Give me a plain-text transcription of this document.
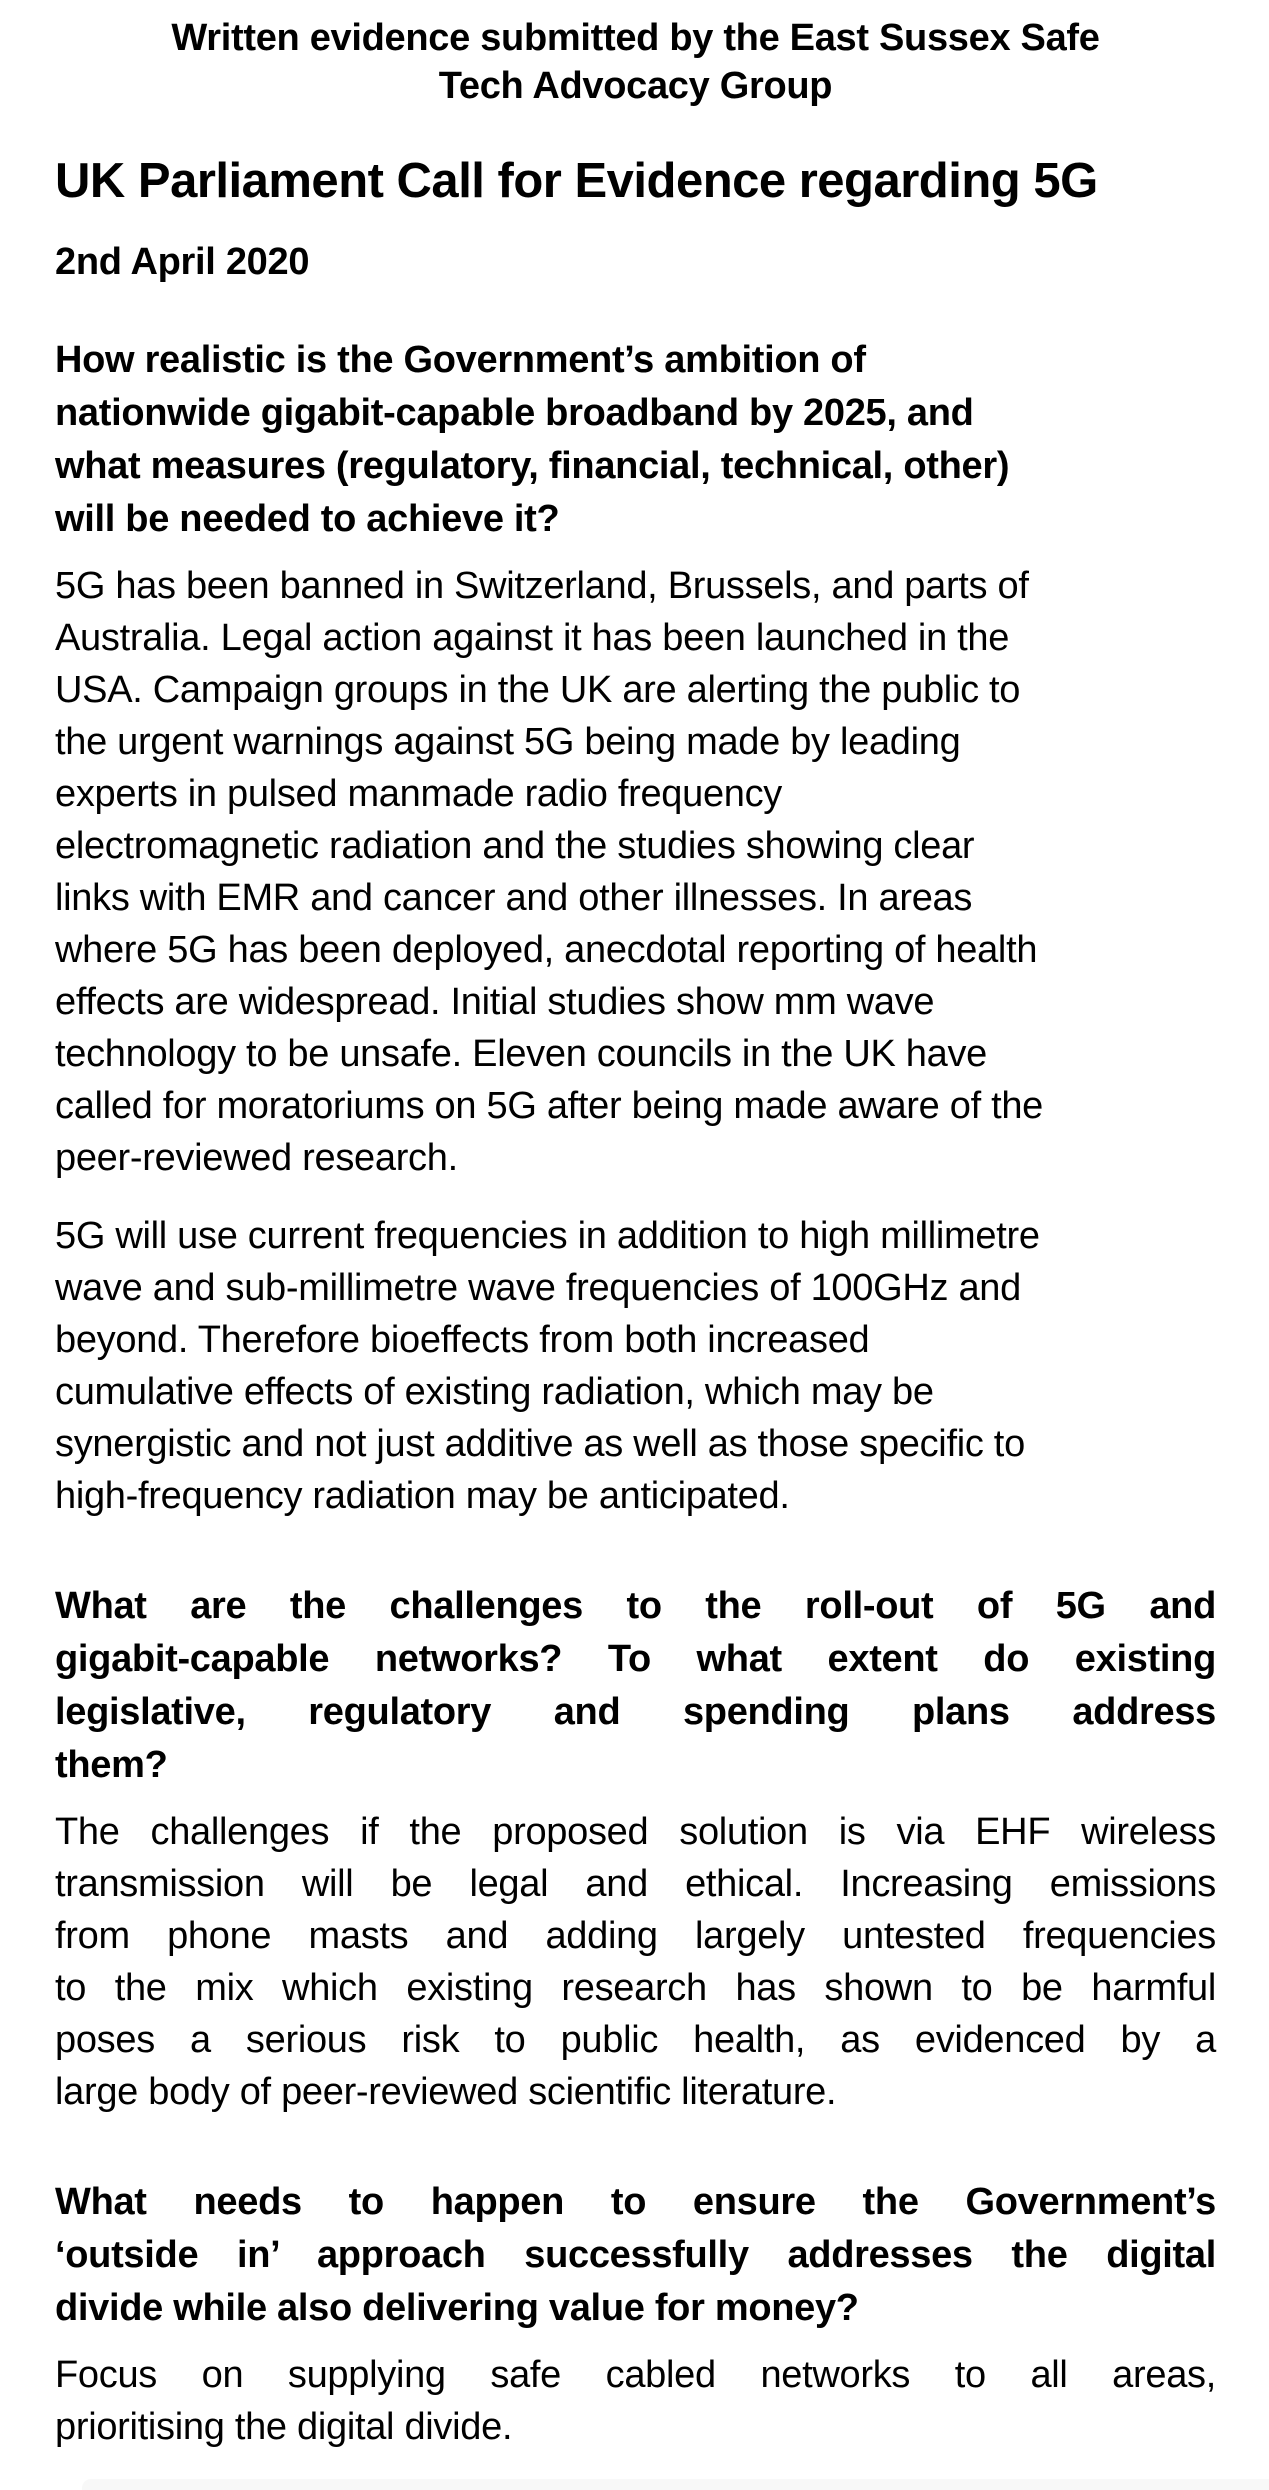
Written evidence submitted by the East Sussex Safe
Tech Advocacy Group
UK Parliament Call for Evidence regarding 5G
2nd April 2020
How realistic is the Government’s ambition of
nationwide gigabit-capable broadband by 2025, and
what measures (regulatory, financial, technical, other)
will be needed to achieve it?
5G has been banned in Switzerland, Brussels, and parts of
Australia. Legal action against it has been launched in the
USA. Campaign groups in the UK are alerting the public to
the urgent warnings against 5G being made by leading
experts in pulsed manmade radio frequency
electromagnetic radiation and the studies showing clear
links with EMR and cancer and other illnesses. In areas
where 5G has been deployed, anecdotal reporting of health
effects are widespread. Initial studies show mm wave
technology to be unsafe. Eleven councils in the UK have
called for moratoriums on 5G after being made aware of the
peer-reviewed research.
5G will use current frequencies in addition to high millimetre
wave and sub-millimetre wave frequencies of 100GHz and
beyond. Therefore bioeffects from both increased
cumulative effects of existing radiation, which may be
synergistic and not just additive as well as those specific to
high-frequency radiation may be anticipated.
What are the challenges to the roll-out of 5G and
gigabit-capable networks? To what extent do existing
legislative, regulatory and spending plans address
them?
The challenges if the proposed solution is via EHF wireless
transmission will be legal and ethical. Increasing emissions
from phone masts and adding largely untested frequencies
to the mix which existing research has shown to be harmful
poses a serious risk to public health, as evidenced by a
large body of peer-reviewed scientific literature.
What needs to happen to ensure the Government’s
‘outside in’ approach successfully addresses the digital
divide while also delivering value for money?
Focus on supplying safe cabled networks to all areas,
prioritising the digital divide.
